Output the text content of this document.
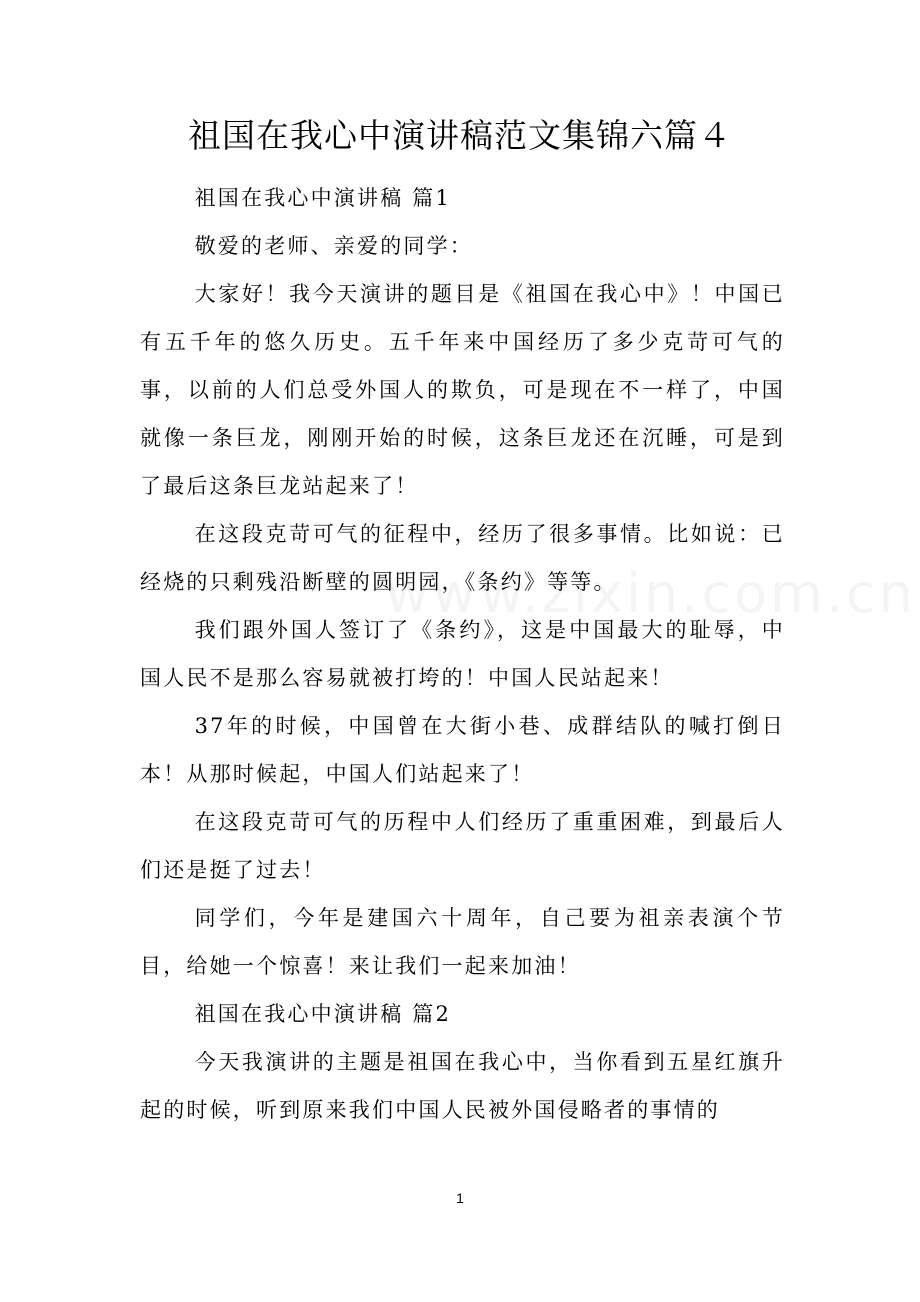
祖国在我心中演讲稿范文集锦六篇４

祖国在我心中演讲稿 篇1

敬爱的老师、亲爱的同学：

大家好！我今天演讲的题目是《祖国在我心中》！中国已有五千年的悠久历史。五千年来中国经历了多少克苛可气的事，以前的人们总受外国人的欺负，可是现在不一样了，中国就像一条巨龙，刚刚开始的时候，这条巨龙还在沉睡，可是到了最后这条巨龙站起来了！

在这段克苛可气的征程中，经历了很多事情。比如说：已经烧的只剩残沿断壁的圆明园，《条约》等等。

我们跟外国人签订了《条约》，这是中国最大的耻辱，中国人民不是那么容易就被打垮的！中国人民站起来！

37年的时候，中国曾在大街小巷、成群结队的喊打倒日本！从那时候起，中国人们站起来了！

在这段克苛可气的历程中人们经历了重重困难，到最后人们还是挺了过去！

同学们，今年是建国六十周年，自己要为祖亲表演个节目，给她一个惊喜！来让我们一起来加油！

祖国在我心中演讲稿 篇2

今天我演讲的主题是祖国在我心中，当你看到五星红旗升起的时候，听到原来我们中国人民被外国侵略者的事情的

1
